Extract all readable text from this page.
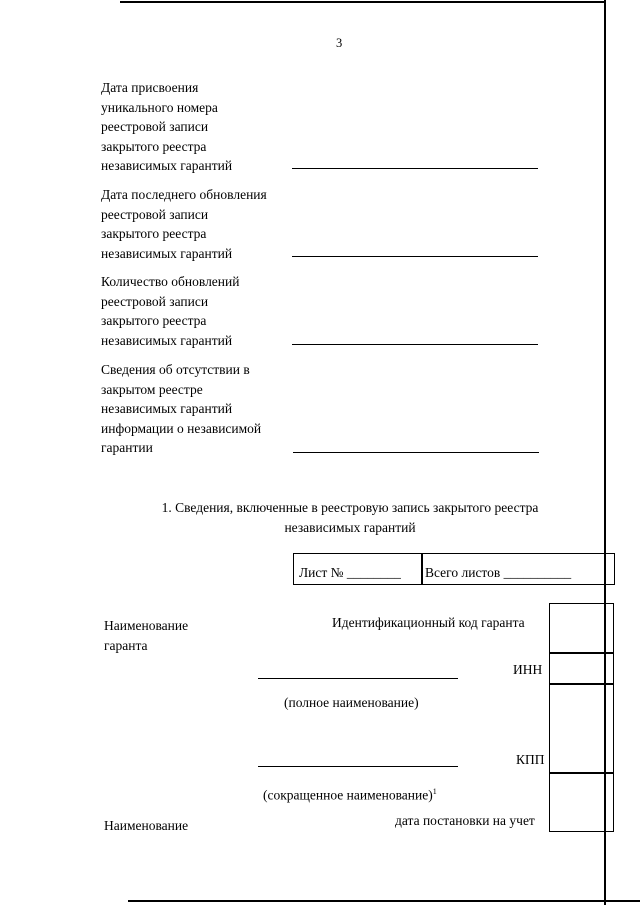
3
Дата присвоения
уникального номера
реестровой записи
закрытого реестра
независимых гарантий
Дата последнего обновления
реестровой записи
закрытого реестра
независимых гарантий
Количество обновлений
реестровой записи
закрытого реестра
независимых гарантий
Сведения об отсутствии в
закрытом реестре
независимых гарантий
информации о независимой
гарантии
1. Сведения, включенные в реестровую запись закрытого реестра
независимых гарантий
Лист № ________ Всего листов __________
Наименование
гаранта
Идентификационный код гаранта
ИНН
КПП
дата постановки на учет
(полное наименование)
(сокращенное наименование)$^1$
Наименование
